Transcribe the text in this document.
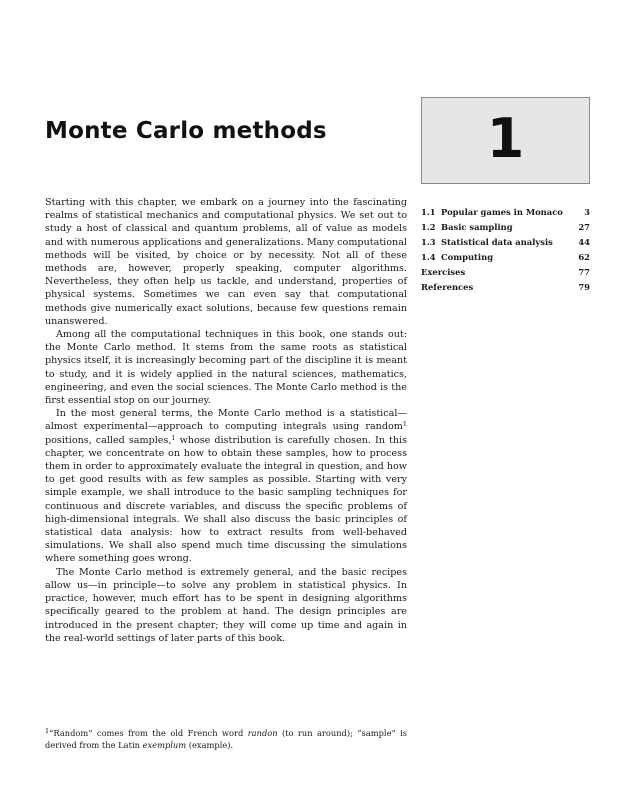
Monte Carlo methods	1

Starting with this chapter, we embark on a journey into the fascinating realms of statistical mechanics and computational physics. We set out to study a host of classical and quantum problems, all of value as models and with numerous applications and generalizations. Many computational methods will be visited, by choice or by necessity. Not all of these methods are, however, properly speaking, computer algorithms. Nevertheless, they often help us tackle, and understand, properties of physical systems. Sometimes we can even say that computational methods give numerically exact solutions, because few questions remain unanswered.

Among all the computational techniques in this book, one stands out: the Monte Carlo method. It stems from the same roots as statistical physics itself, it is increasingly becoming part of the discipline it is meant to study, and it is widely applied in the natural sciences, mathematics, engineering, and even the social sciences. The Monte Carlo method is the first essential stop on our journey.

In the most general terms, the Monte Carlo method is a statistical—almost experimental—approach to computing integrals using random$^1$ positions, called samples,$^1$ whose distribution is carefully chosen. In this chapter, we concentrate on how to obtain these samples, how to process them in order to approximately evaluate the integral in question, and how to get good results with as few samples as possible. Starting with very simple example, we shall introduce to the basic sampling techniques for continuous and discrete variables, and discuss the specific problems of high-dimensional integrals. We shall also discuss the basic principles of statistical data analysis: how to extract results from well-behaved simulations. We shall also spend much time discussing the simulations where something goes wrong.

The Monte Carlo method is extremely general, and the basic recipes allow us—in principle—to solve any problem in statistical physics. In practice, however, much effort has to be spent in designing algorithms specifically geared to the problem at hand. The design principles are introduced in the present chapter; they will come up time and again in the real-world settings of later parts of this book.

1.1 Popular games in Monaco	3
1.2 Basic sampling	27
1.3 Statistical data analysis	44
1.4 Computing	62
Exercises	77
References	79
$^1$“Random” comes from the old French word randon (to run around); “sample” is derived from the Latin exemplum (example).
